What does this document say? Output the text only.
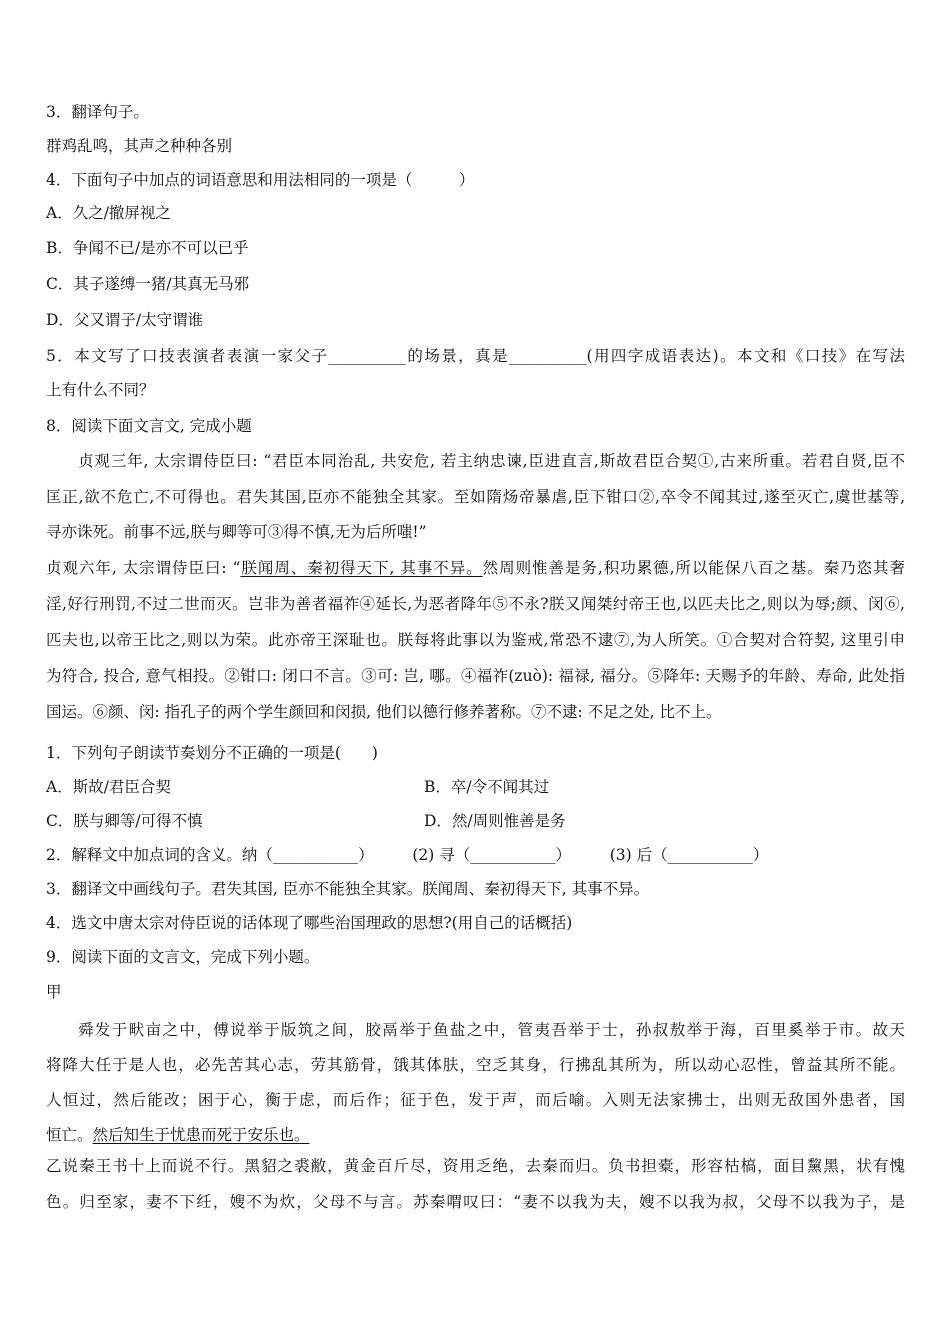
3．翻译句子。
群鸡乱鸣，其声之种种各别
4．下面句子中加点的词语意思和用法相同的一项是（　　　）
A．久之/撤屏视之
B．争闻不已/是亦不可以已乎
C．其子遂缚一猪/其真无马邪
D．父又谓子/太守谓谁
5．本文写了口技表演者表演一家父子__________的场景，真是__________(用四字成语表达)。本文和《口技》在写法
上有什么不同？
8．阅读下面文言文, 完成小题
贞观三年, 太宗谓侍臣曰: “君臣本同治乱, 共安危, 若主纳忠谏,臣进直言,斯故君臣合契①,古来所重。若君自贤,臣不
匡正,欲不危亡,不可得也。君失其国,臣亦不能独全其家。至如隋炀帝暴虐,臣下钳口②,卒令不闻其过,遂至灭亡,虞世基等,
寻亦诛死。前事不远,朕与卿等可③得不慎,无为后所嗤!”
贞观六年, 太宗谓侍臣曰: “朕闻周、秦初得天下, 其事不异。然周则惟善是务,积功累德,所以能保八百之基。秦乃恣其奢
淫,好行刑罚,不过二世而灭。岂非为善者福祚④延长,为恶者降年⑤不永?朕又闻桀纣帝王也,以匹夫比之,则以为辱;颜、闵⑥,
匹夫也,以帝王比之,则以为荣。此亦帝王深耻也。朕每将此事以为鉴戒,常恐不逮⑦,为人所笑。①合契对合符契, 这里引申
为符合, 投合, 意气相投。②钳口: 闭口不言。③可: 岂, 哪。④福祚(zuò): 福禄, 福分。⑤降年: 天赐予的年龄、寿命, 此处指
国运。⑥颜、闵: 指孔子的两个学生颜回和闵损, 他们以德行修养著称。⑦不逮: 不足之处, 比不上。
1．下列句子朗读节奏划分不正确的一项是(　　)
A．斯故/君臣合契	B．卒/令不闻其过
C．朕与卿等/可得不慎	D．然/周则惟善是务
2．解释文中加点词的含义。纳（___________）　　　(2) 寻（___________）　　　(3) 后（___________）
3．翻译文中画线句子。君失其国, 臣亦不能独全其家。朕闻周、秦初得天下, 其事不异。
4．选文中唐太宗对侍臣说的话体现了哪些治国理政的思想?(用自己的话概括)
9．阅读下面的文言文，完成下列小题。
甲
舜发于畎亩之中，傅说举于版筑之间，胶鬲举于鱼盐之中，管夷吾举于士，孙叔敖举于海，百里奚举于市。故天
将降大任于是人也，必先苦其心志，劳其筋骨，饿其体肤，空乏其身，行拂乱其所为，所以动心忍性，曾益其所不能。
人恒过，然后能改；困于心，衡于虑，而后作；征于色，发于声，而后喻。入则无法家拂士，出则无敌国外患者，国
恒亡。然后知生于忧患而死于安乐也。
乙说秦王书十上而说不行。黑貂之裘敝，黄金百斤尽，资用乏绝，去秦而归。负书担橐，形容枯槁，面目黧黑，状有愧
色。归至家，妻不下纴，嫂不为炊，父母不与言。苏秦喟叹曰：“妻不以我为夫，嫂不以我为叔，父母不以我为子，是
